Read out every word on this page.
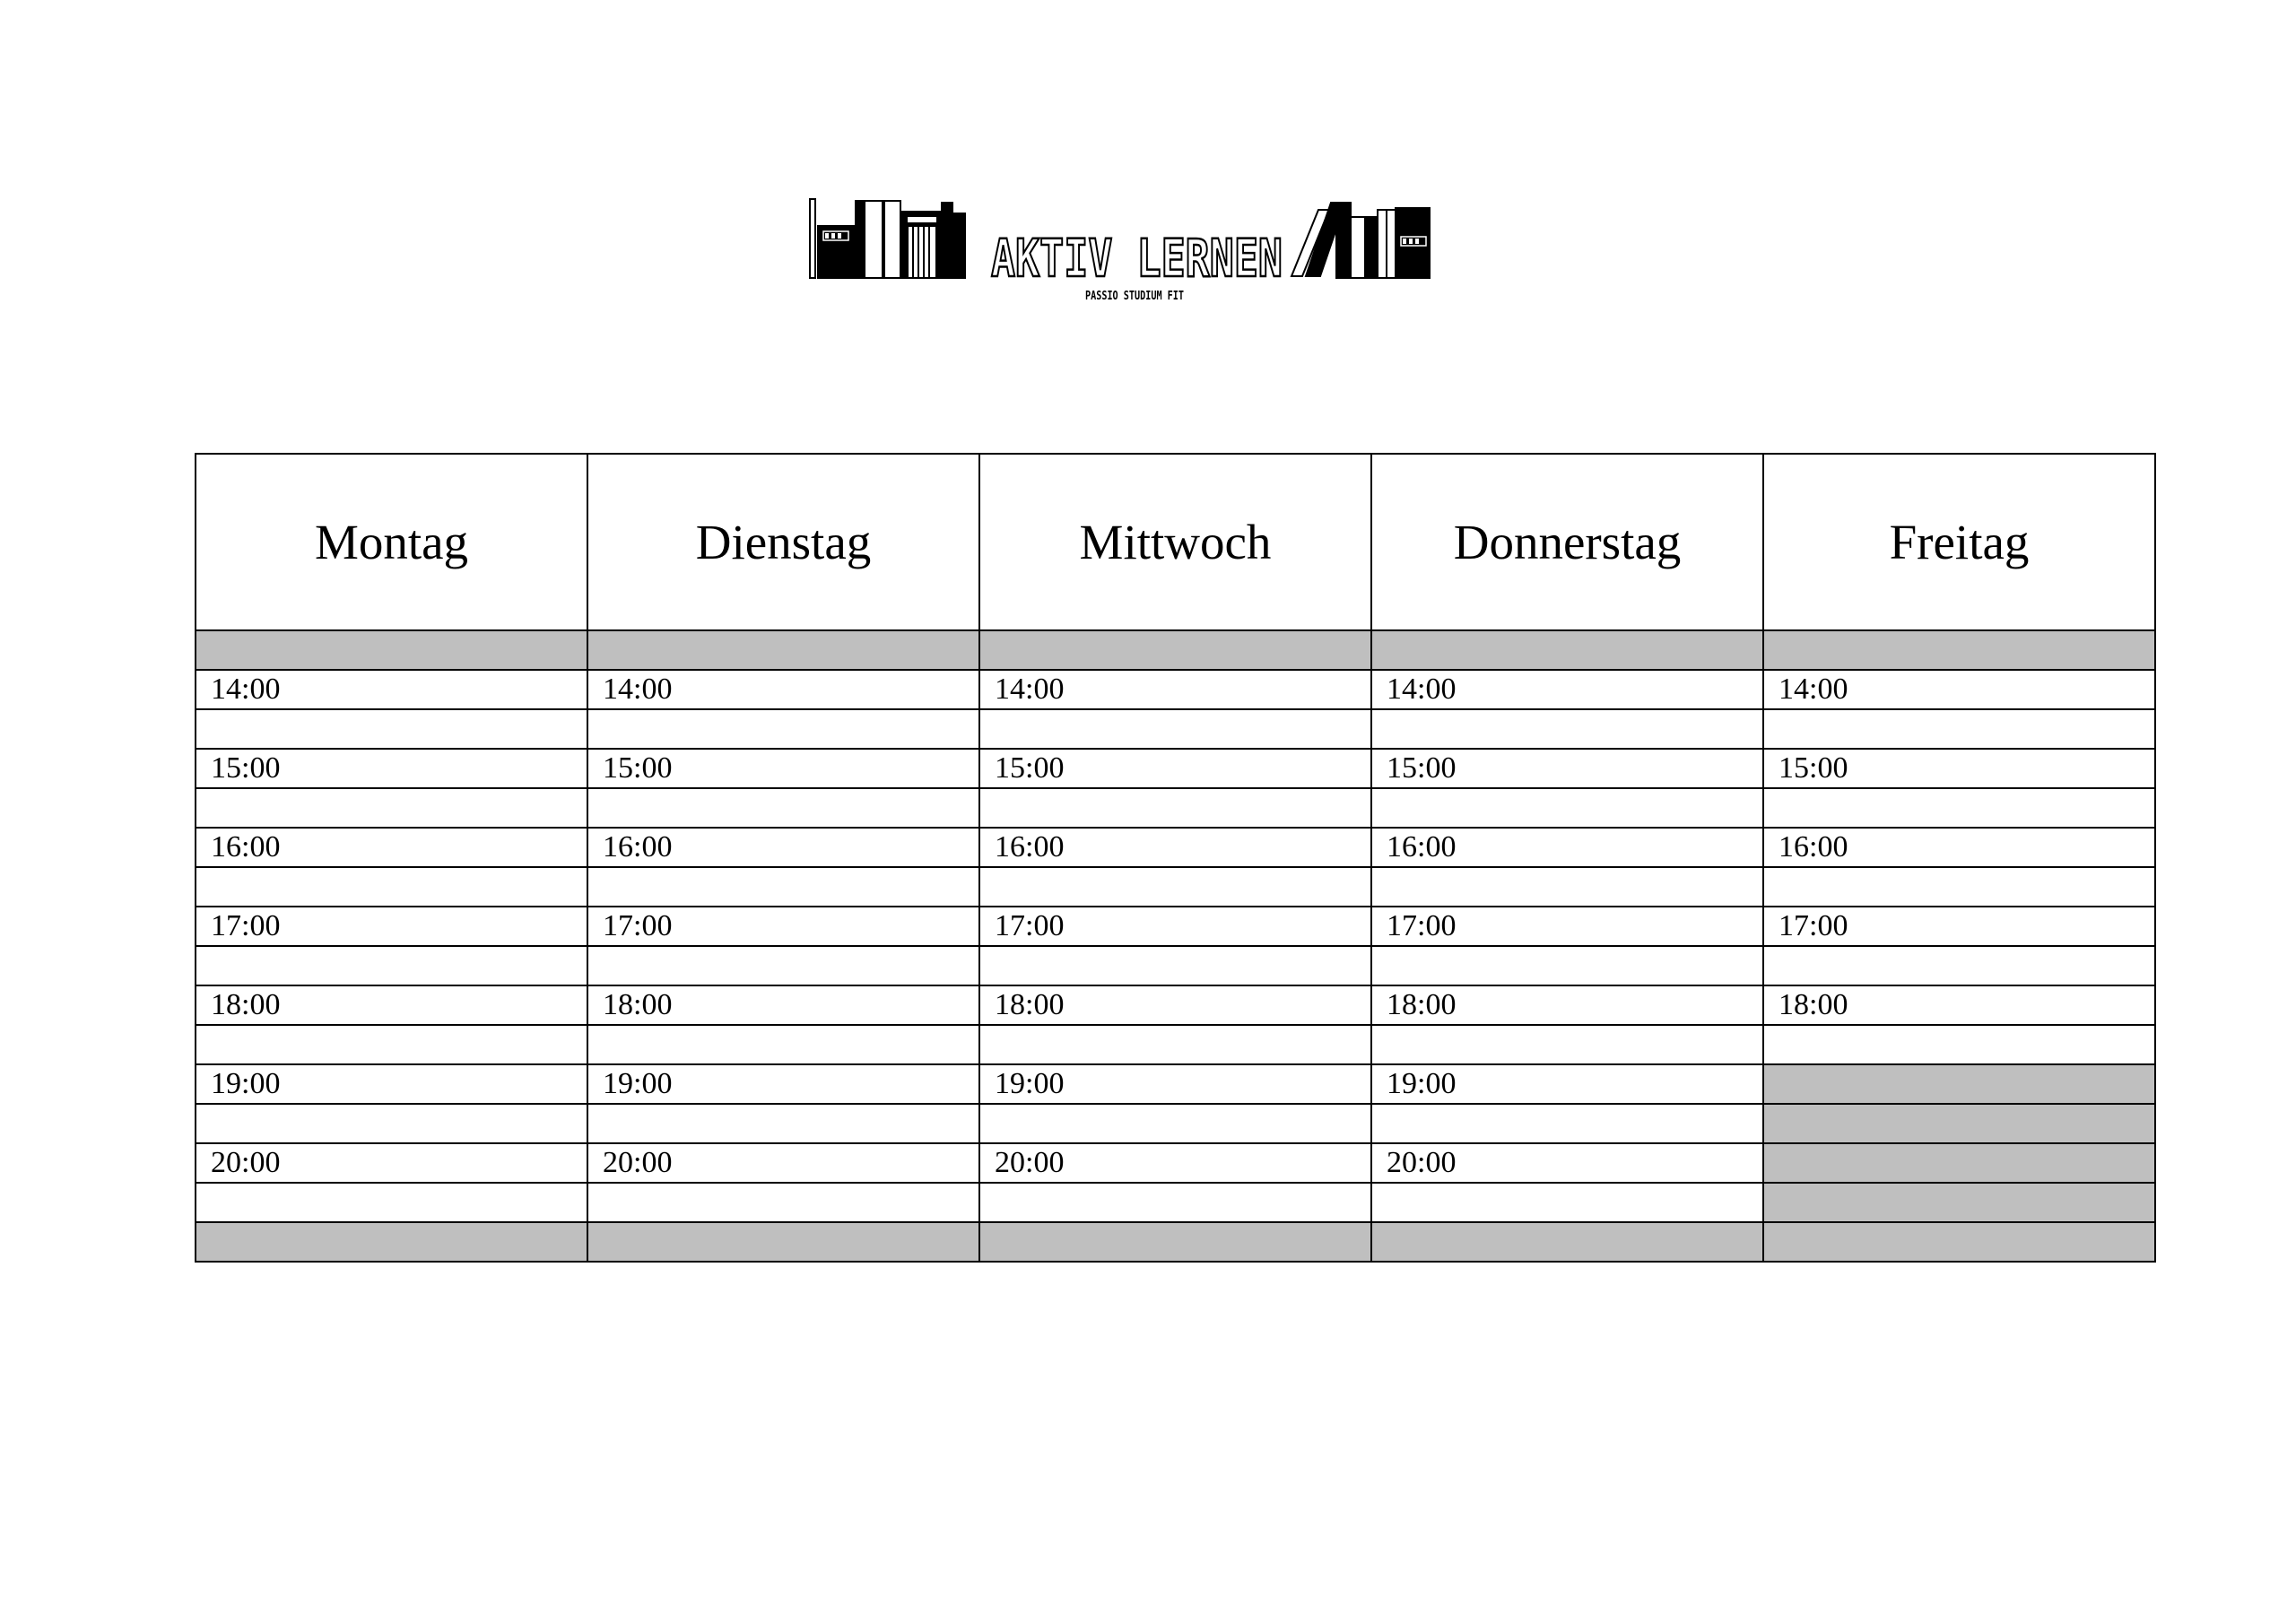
AKTIV LERNEN
PASSIO STUDIUM FIT
Montag	Dienstag	Mittwoch	Donnerstag	Freitag

14:00	14:00	14:00	14:00	14:00

15:00	15:00	15:00	15:00	15:00

16:00	16:00	16:00	16:00	16:00

17:00	17:00	17:00	17:00	17:00

18:00	18:00	18:00	18:00	18:00

19:00	19:00	19:00	19:00	

20:00	20:00	20:00	20:00	
